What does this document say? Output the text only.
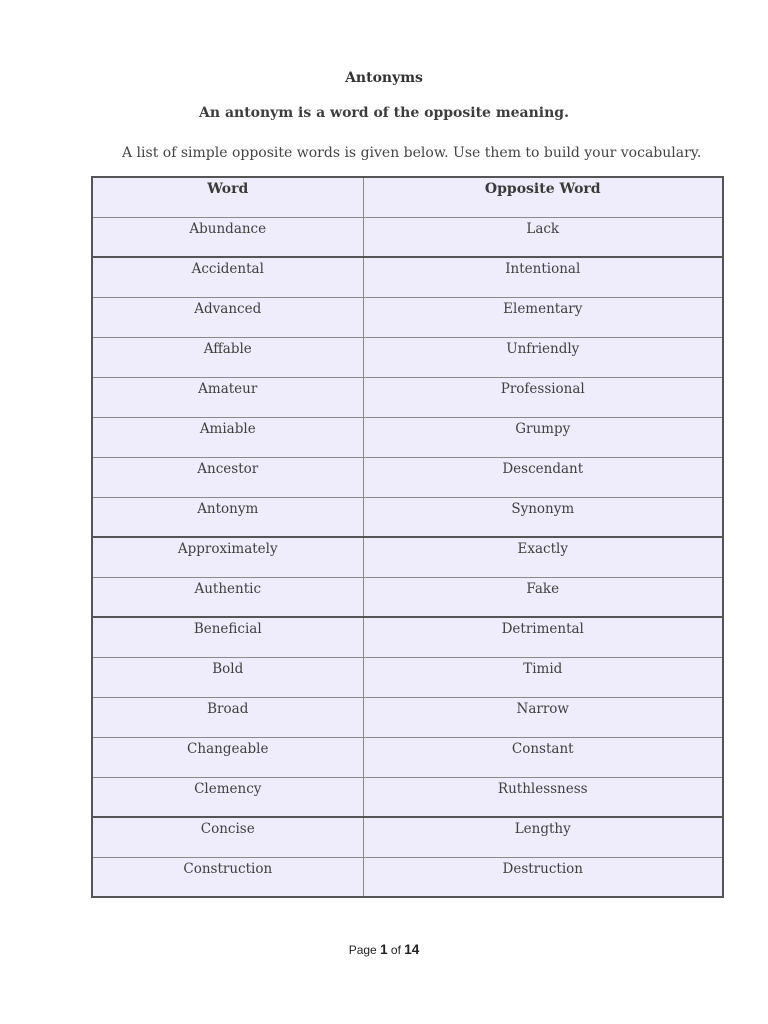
Antonyms
An antonym is a word of the opposite meaning.
A list of simple opposite words is given below. Use them to build your vocabulary.
Word	Opposite Word
Abundance	Lack
Accidental	Intentional
Advanced	Elementary
Affable	Unfriendly
Amateur	Professional
Amiable	Grumpy
Ancestor	Descendant
Antonym	Synonym
Approximately	Exactly
Authentic	Fake
Beneficial	Detrimental
Bold	Timid
Broad	Narrow
Changeable	Constant
Clemency	Ruthlessness
Concise	Lengthy
Construction	Destruction
Page 1 of 14
